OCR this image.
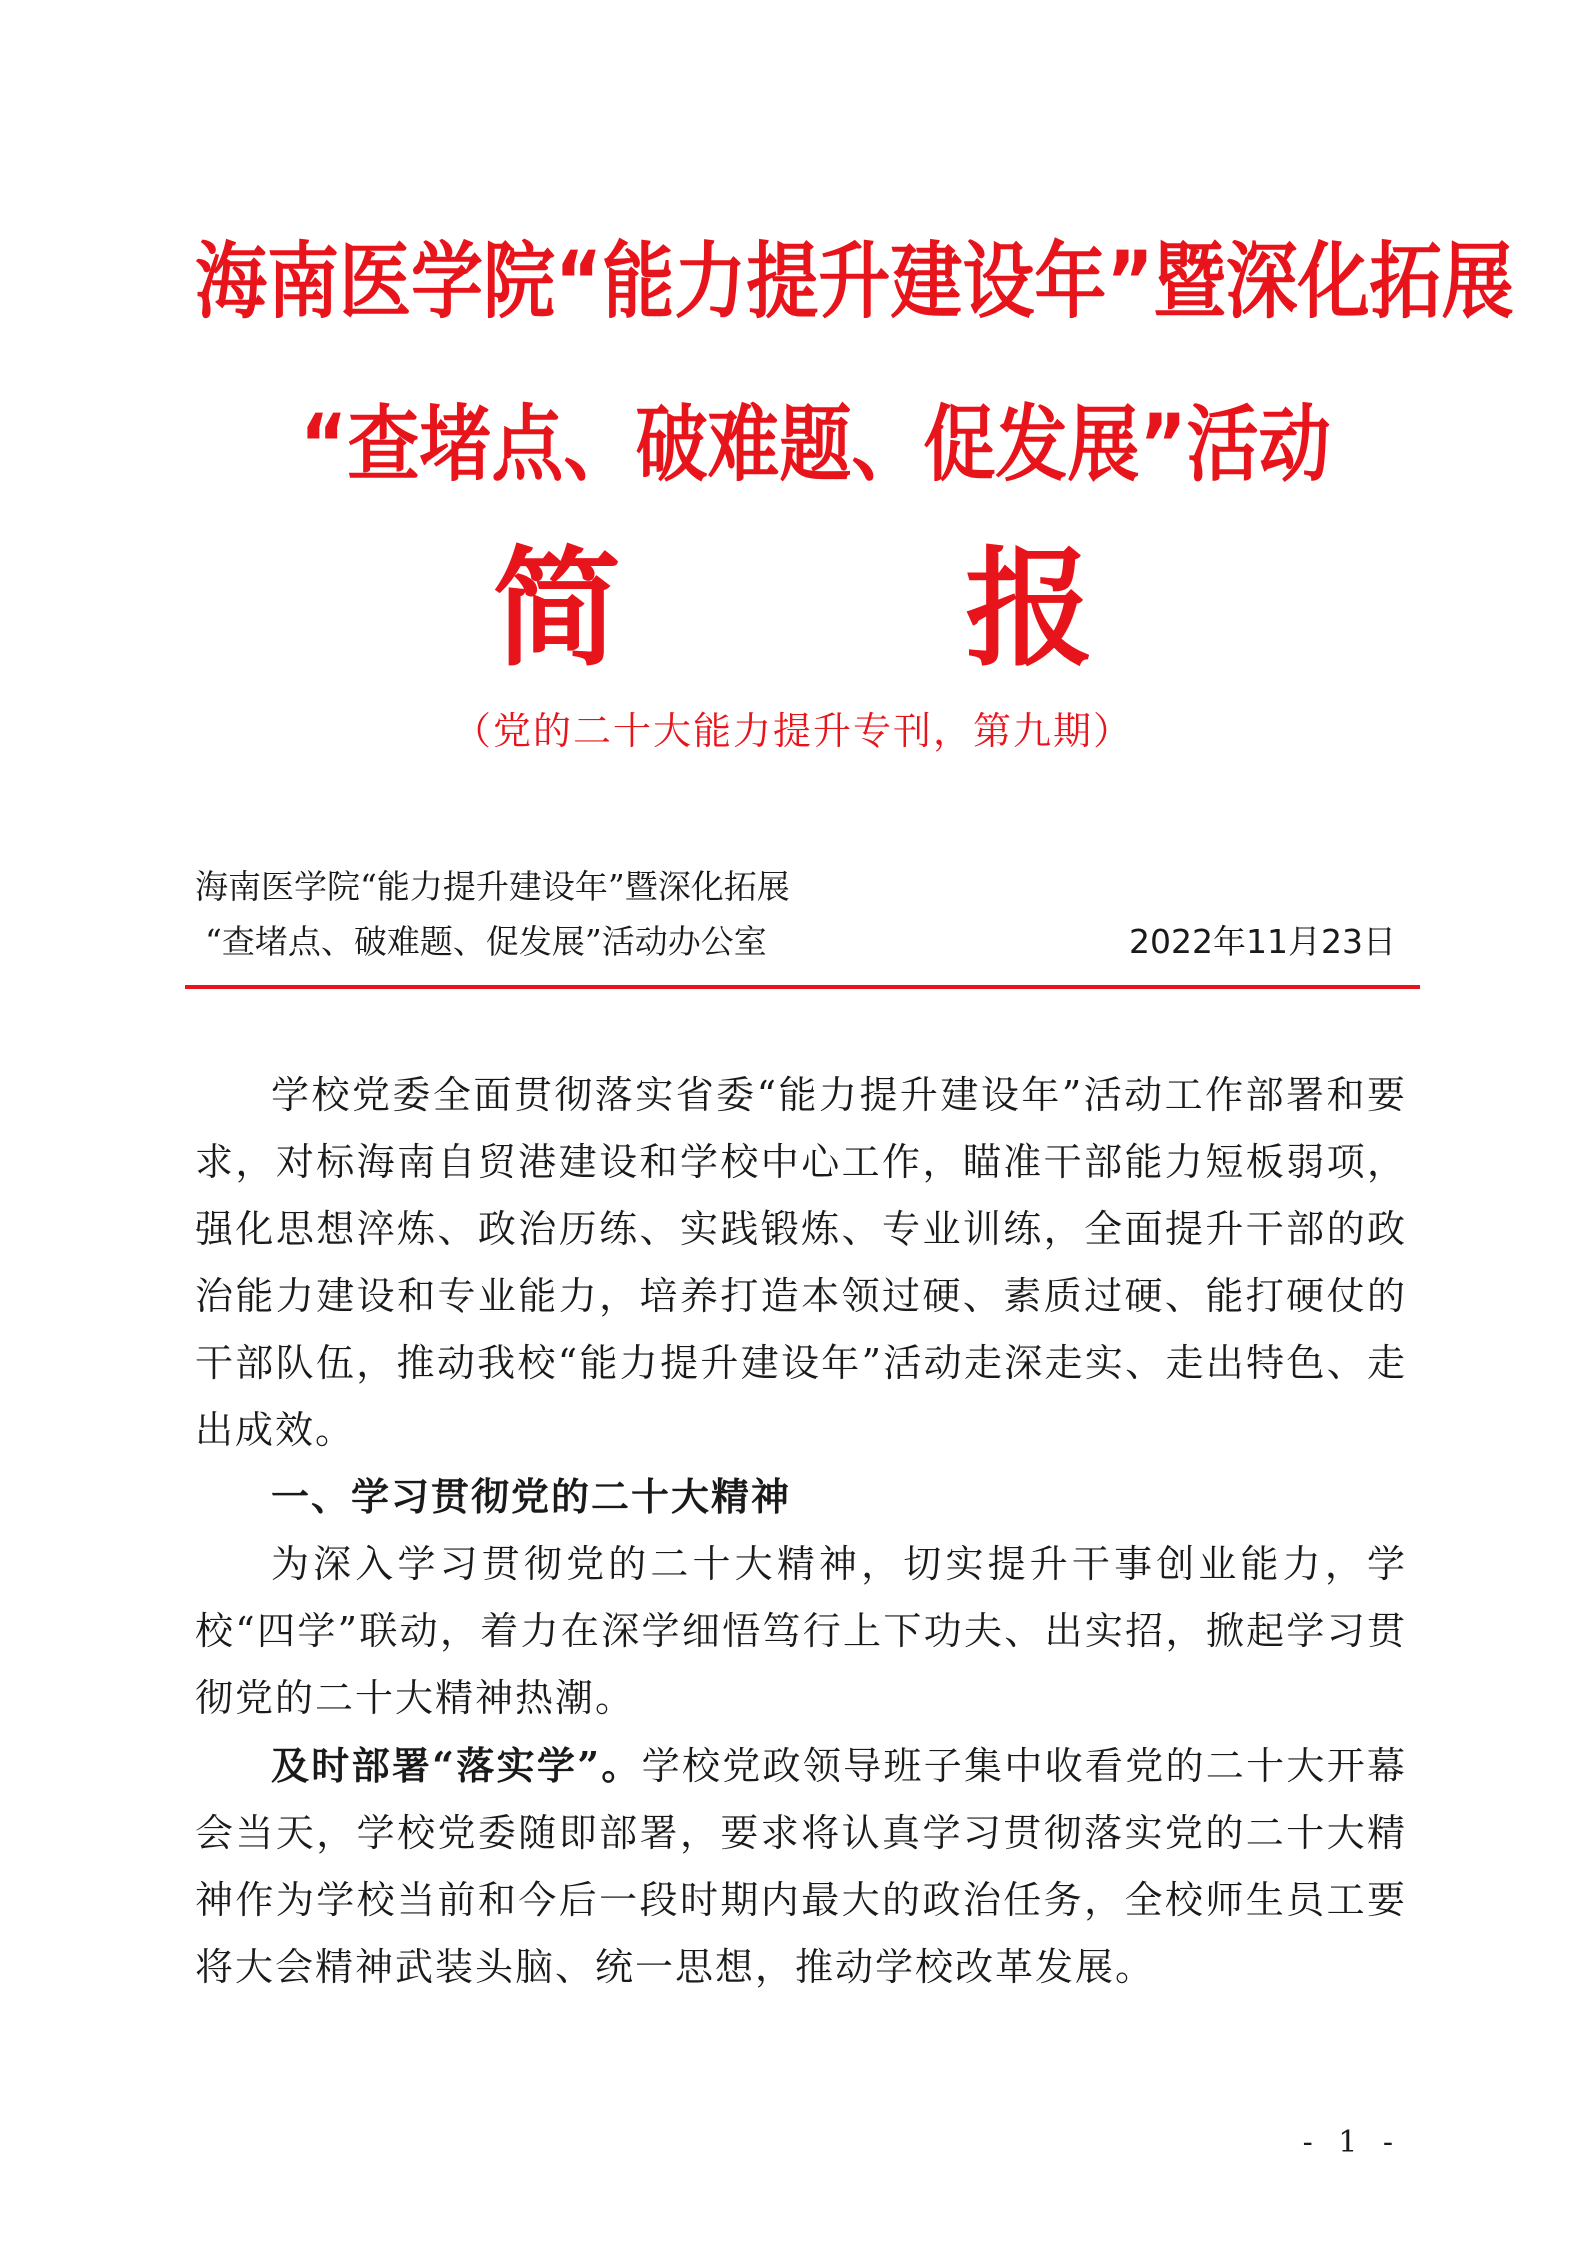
海南医学院“能力提升建设年”暨深化拓展
“查堵点、破难题、促发展”活动
简 报
（党的二十大能力提升专刊，第九期）
海南医学院“能力提升建设年”暨深化拓展
“查堵点、破难题、促发展”活动办公室	2022年11月23日

学校党委全面贯彻落实省委“能力提升建设年”活动工作部署和要求，对标海南自贸港建设和学校中心工作，瞄准干部能力短板弱项，强化思想淬炼、政治历练、实践锻炼、专业训练，全面提升干部的政治能力建设和专业能力，培养打造本领过硬、素质过硬、能打硬仗的干部队伍，推动我校“能力提升建设年”活动走深走实、走出特色、走出成效。

一、学习贯彻党的二十大精神

为深入学习贯彻党的二十大精神，切实提升干事创业能力，学校“四学”联动，着力在深学细悟笃行上下功夫、出实招，掀起学习贯彻党的二十大精神热潮。

及时部署“落实学”。学校党政领导班子集中收看党的二十大开幕会当天，学校党委随即部署，要求将认真学习贯彻落实党的二十大精神作为学校当前和今后一段时期内最大的政治任务，全校师生员工要将大会精神武装头脑、统一思想，推动学校改革发展。

- 1 -
